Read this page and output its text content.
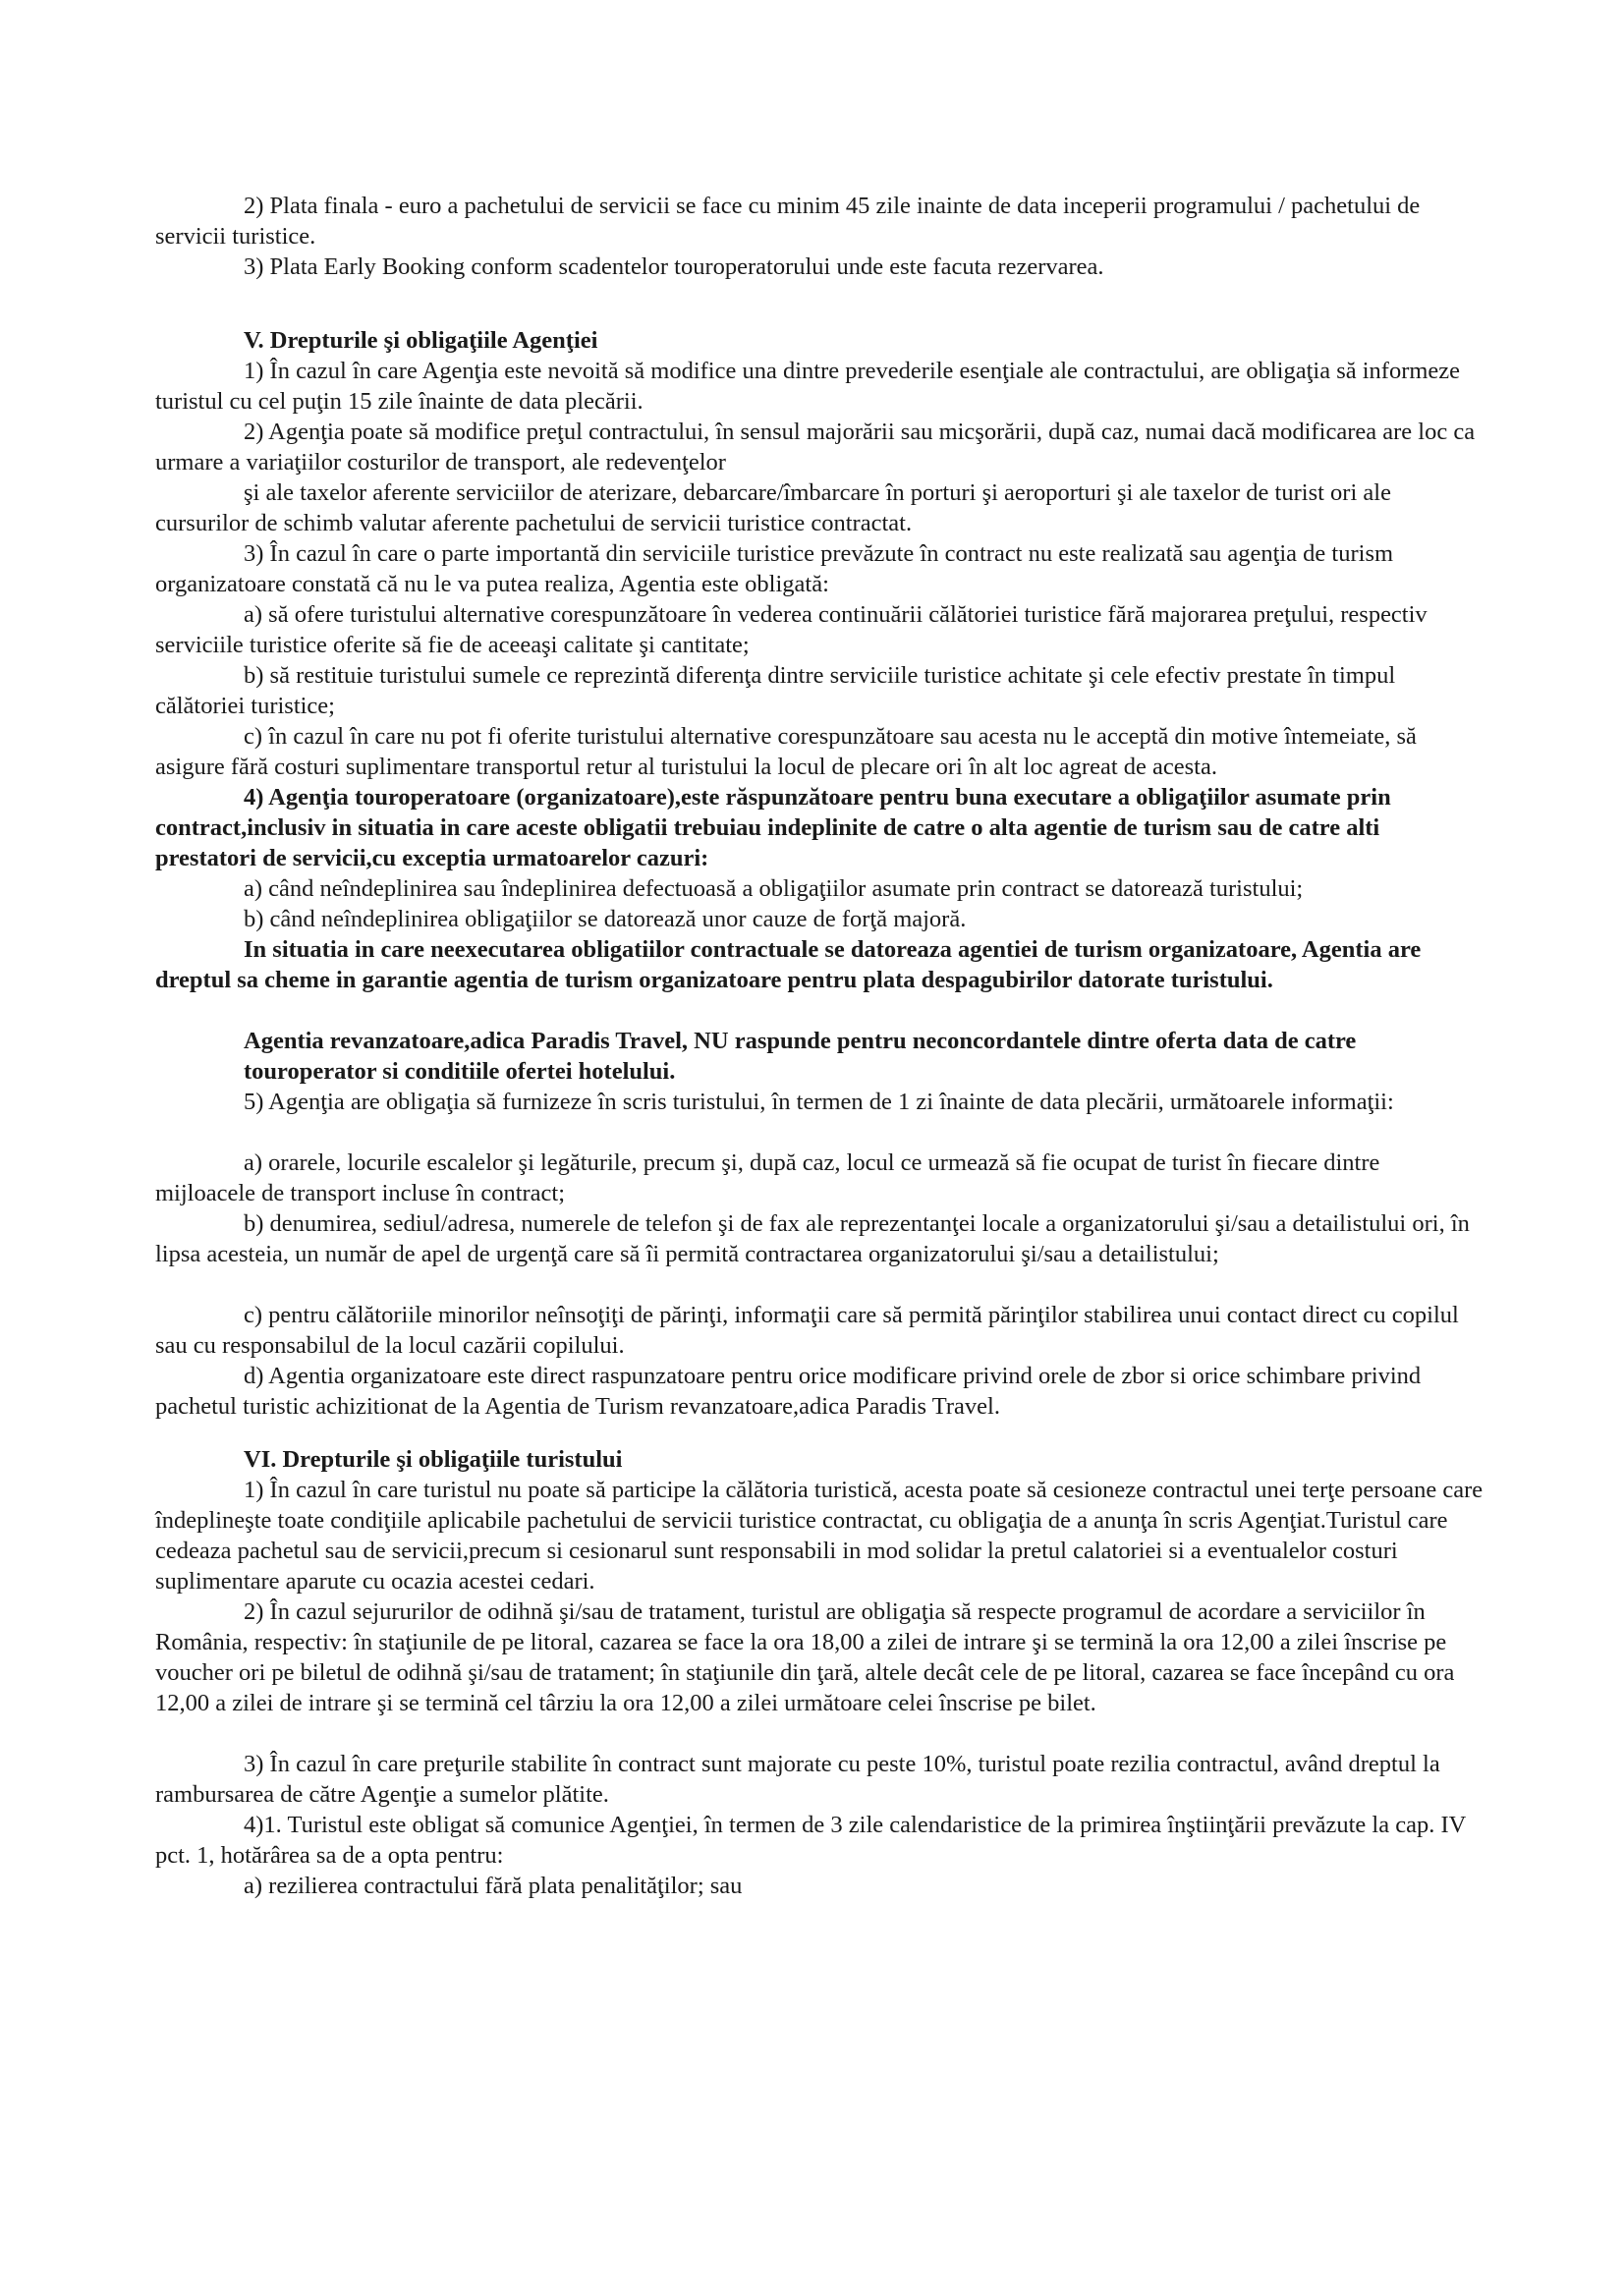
2) Plata finala - euro a pachetului de servicii se face cu minim 45 zile inainte de data inceperii programului / pachetului de servicii turistice.

3) Plata Early Booking conform scadentelor touroperatorului unde este facuta rezervarea.

V. Drepturile şi obligaţiile Agenţiei

1) În cazul în care Agenţia este nevoită să modifice una dintre prevederile esenţiale ale contractului, are obligaţia să informeze turistul cu cel puţin 15 zile înainte de data plecării.

2) Agenţia poate să modifice preţul contractului, în sensul majorării sau micşorării, după caz, numai dacă modificarea are loc ca urmare a variaţiilor costurilor de transport, ale redevenţelor

şi ale taxelor aferente serviciilor de aterizare, debarcare/îmbarcare în porturi şi aeroporturi şi ale taxelor de turist ori ale cursurilor de schimb valutar aferente pachetului de servicii turistice contractat.

3) În cazul în care o parte importantă din serviciile turistice prevăzute în contract nu este realizată sau agenţia de turism organizatoare constată că nu le va putea realiza, Agentia este obligată:

a) să ofere turistului alternative corespunzătoare în vederea continuării călătoriei turistice fără majorarea preţului, respectiv serviciile turistice oferite să fie de aceeaşi calitate şi cantitate;

b) să restituie turistului sumele ce reprezintă diferenţa dintre serviciile turistice achitate şi cele efectiv prestate în timpul călătoriei turistice;

c) în cazul în care nu pot fi oferite turistului alternative corespunzătoare sau acesta nu le acceptă din motive întemeiate, să asigure fără costuri suplimentare transportul retur al turistului la locul de plecare ori în alt loc agreat de acesta.

4) Agenţia touroperatoare (organizatoare),este răspunzătoare pentru buna executare a obligaţiilor asumate prin contract,inclusiv in situatia in care aceste obligatii trebuiau indeplinite de catre o alta agentie de turism sau de catre alti prestatori de servicii,cu exceptia urmatoarelor cazuri:

a) când neîndeplinirea sau îndeplinirea defectuoasă a obligaţiilor asumate prin contract se datorează turistului;

b) când neîndeplinirea obligaţiilor se datorează unor cauze de forţă majoră.

In situatia in care neexecutarea obligatiilor contractuale se datoreaza agentiei de turism organizatoare, Agentia are dreptul sa cheme in garantie agentia de turism organizatoare pentru plata despagubirilor datorate turistului.

Agentia revanzatoare,adica Paradis Travel, NU raspunde pentru neconcordantele dintre oferta data de catre touroperator si conditiile ofertei hotelului.

5) Agenţia are obligaţia să furnizeze în scris turistului, în termen de 1 zi înainte de data plecării, următoarele informaţii:

a) orarele, locurile escalelor şi legăturile, precum şi, după caz, locul ce urmează să fie ocupat de turist în fiecare dintre mijloacele de transport incluse în contract;

b) denumirea, sediul/adresa, numerele de telefon şi de fax ale reprezentanţei locale a organizatorului şi/sau a detailistului ori, în lipsa acesteia, un număr de apel de urgenţă care să îi permită contractarea organizatorului şi/sau a detailistului;

c) pentru călătoriile minorilor neînsoţiţi de părinţi, informaţii care să permită părinţilor stabilirea unui contact direct cu copilul sau cu responsabilul de la locul cazării copilului.

d) Agentia organizatoare este direct raspunzatoare pentru orice modificare privind orele de zbor si orice schimbare privind pachetul turistic achizitionat de la Agentia de Turism revanzatoare,adica Paradis Travel.

VI. Drepturile şi obligaţiile turistului

1) În cazul în care turistul nu poate să participe la călătoria turistică, acesta poate să cesioneze contractul unei terţe persoane care îndeplineşte toate condiţiile aplicabile pachetului de servicii turistice contractat, cu obligaţia de a anunţa în scris Agenţiat.Turistul care cedeaza pachetul sau de servicii,precum si cesionarul sunt responsabili in mod solidar la pretul calatoriei si a eventualelor costuri suplimentare aparute cu ocazia acestei cedari.

2) În cazul sejururilor de odihnă şi/sau de tratament, turistul are obligaţia să respecte programul de acordare a serviciilor în România, respectiv: în staţiunile de pe litoral, cazarea se face la ora 18,00 a zilei de intrare şi se termină la ora 12,00 a zilei înscrise pe voucher ori pe biletul de odihnă şi/sau de tratament; în staţiunile din ţară, altele decât cele de pe litoral, cazarea se face începând cu ora 12,00 a zilei de intrare şi se termină cel târziu la ora 12,00 a zilei următoare celei înscrise pe bilet.

3) În cazul în care preţurile stabilite în contract sunt majorate cu peste 10%, turistul poate rezilia contractul, având dreptul la rambursarea de către Agenţie a sumelor plătite.

4)1. Turistul este obligat să comunice Agenţiei, în termen de 3 zile calendaristice de la primirea înştiinţării prevăzute la cap. IV pct. 1, hotărârea sa de a opta pentru:

a) rezilierea contractului fără plata penalităţilor; sau
